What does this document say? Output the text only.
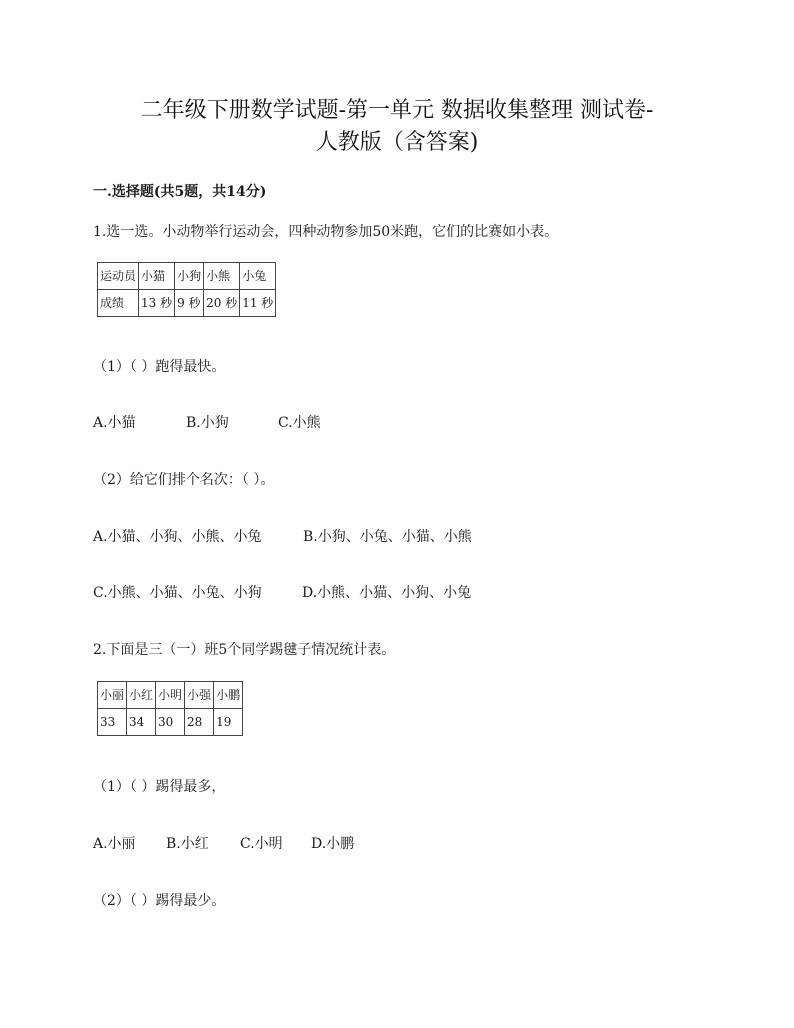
二年级下册数学试题-第一单元 数据收集整理 测试卷-
人教版（含答案)
一.选择题(共5题，共14分)
1.选一选。小动物举行运动会，四种动物参加50米跑，它们的比赛如小表。
运动员	小猫	小狗	小熊	小兔
成绩	13 秒	9 秒	20 秒	11 秒
（1）（ ）跑得最快。
A.小猫	B.小狗	C.小熊
（2）给它们排个名次：（ ）。
A.小猫、小狗、小熊、小兔	B.小狗、小兔、小猫、小熊
C.小熊、小猫、小兔、小狗	D.小熊、小猫、小狗、小兔
2.下面是三（一）班5个同学踢毽子情况统计表。
小丽	小红	小明	小强	小鹏
33	34	30	28	19
（1）（ ）踢得最多，
A.小丽 B.小红 C.小明 D.小鹏
（2）（ ）踢得最少。
